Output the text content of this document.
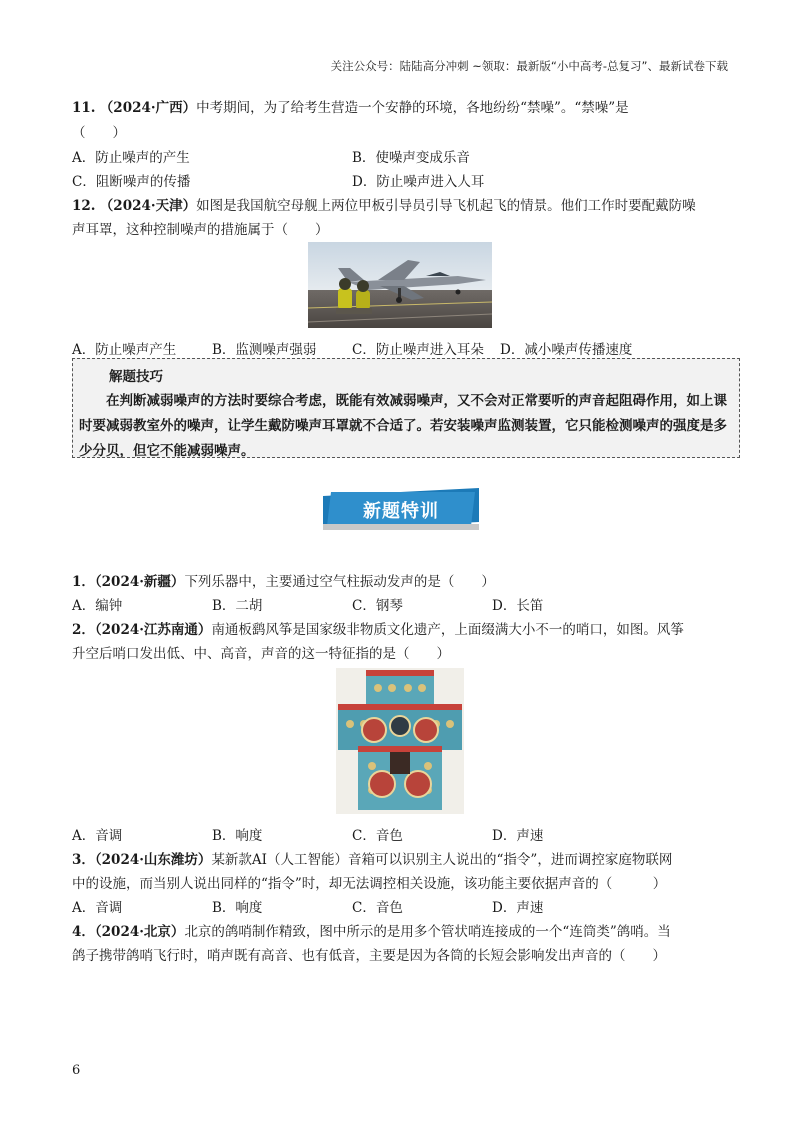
关注公众号：陆陆高分冲刺 ~领取：最新版“小中高考-总复习”、最新试卷下载
11. （2024·广西）中考期间，为了给考生营造一个安静的环境，各地纷纷“禁噪”。“禁噪”是
（　　）
A．防止噪声的产生	B．使噪声变成乐音
C．阻断噪声的传播	D．防止噪声进入人耳
12. （2024·天津）如图是我国航空母舰上两位甲板引导员引导飞机起飞的情景。他们工作时要配戴防噪
声耳罩，这种控制噪声的措施属于（　　）
A．防止噪声产生	B．监测噪声强弱	C．防止噪声进入耳朵 D．减小噪声传播速度
解题技巧
　　在判断减弱噪声的方法时要综合考虑，既能有效减弱噪声，又不会对正常要听的声音起阻碍作用，如上课时要减弱教室外的噪声，让学生戴防噪声耳罩就不合适了。若安装噪声监测装置，它只能检测噪声的强度是多少分贝，但它不能减弱噪声。
新题特训
1．（2024·新疆）下列乐器中，主要通过空气柱振动发声的是（　　）
A．编钟	B．二胡	C．钢琴	D．长笛
2．（2024·江苏南通）南通板鹞风筝是国家级非物质文化遗产，上面缀满大小不一的哨口，如图。风筝
升空后哨口发出低、中、高音，声音的这一特征指的是（　　）
A．音调	B．响度	C．音色	D．声速
3．（2024·山东潍坊）某新款AI（人工智能）音箱可以识别主人说出的“指令”，进而调控家庭物联网
中的设施，而当别人说出同样的“指令”时，却无法调控相关设施，该功能主要依据声音的（　　　）
A．音调	B．响度	C．音色	D．声速
4．（2024·北京）北京的鸽哨制作精致，图中所示的是用多个管状哨连接成的一个“连筒类”鸽哨。当
鸽子携带鸽哨飞行时，哨声既有高音、也有低音，主要是因为各筒的长短会影响发出声音的（　　）
6
